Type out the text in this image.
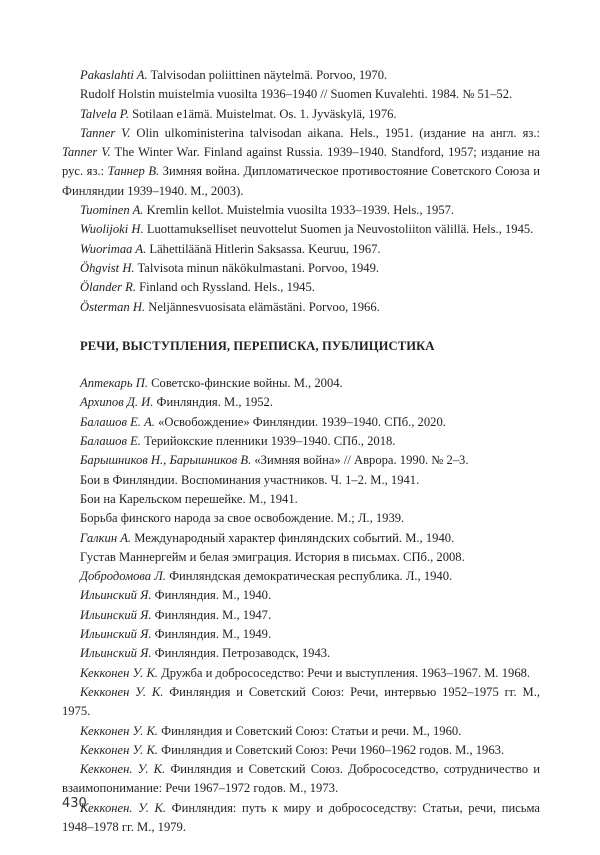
Pakaslahti A. Talvisodan poliittinen näytelmä. Porvoo, 1970.

Rudolf Holstin muistelmia vuosilta 1936–1940 // Suomen Kuvalehti. 1984. № 51–52.

Talvela P. Sotilaan e1ämä. Muistelmat. Os. 1. Jyväskylä, 1976.

Tanner V. Olin ulkoministerina talvisodan aikana. Hels., 1951. (издание на англ. яз.: Tanner V. The Winter War. Finland against Russia. 1939–1940. Standford, 1957; издание на рус. яз.: Таннер В. Зимняя война. Дипломатическое противостояние Советского Союза и Финляндии 1939–1940. М., 2003).

Tuominen A. Kremlin kellot. Muistelmia vuosilta 1933–1939. Hels., 1957.

Wuolijoki H. Luottamukselliset neuvottelut Suomen ja Neuvostoliiton välillä. Hels., 1945.

Wuorimaa A. Lähettiläänä Hitlerin Saksassa. Keuruu, 1967.

Öhgvist H. Talvisota minun näkökulmastani. Porvoo, 1949.

Ölander R. Finland och Ryssland. Hels., 1945.

Österman H. Neljännesvuosisata elämästäni. Porvoo, 1966.

РЕЧИ, ВЫСТУПЛЕНИЯ, ПЕРЕПИСКА, ПУБЛИЦИСТИКА

Аптекарь П. Советско-финские войны. М., 2004.

Архипов Д. И. Финляндия. М., 1952.

Балашов Е. А. «Освобождение» Финляндии. 1939–1940. СПб., 2020.

Балашов Е. Терийокские пленники 1939–1940. СПб., 2018.

Барышников Н., Барышников В. «Зимняя война» // Аврора. 1990. № 2–3.

Бои в Финляндии. Воспоминания участников. Ч. 1–2. М., 1941.

Бои на Карельском перешейке. М., 1941.

Борьба финского народа за свое освобождение. М.; Л., 1939.

Галкин А. Международный характер финляндских событий. М., 1940.

Густав Маннергейм и белая эмиграция. История в письмах. СПб., 2008.

Добродомова Л. Финляндская демократическая республика. Л., 1940.

Ильинский Я. Финляндия. М., 1940.

Ильинский Я. Финляндия. М., 1947.

Ильинский Я. Финляндия. М., 1949.

Ильинский Я. Финляндия. Петрозаводск, 1943.

Кекконен У. К. Дружба и добрососедство: Речи и выступления. 1963–1967. М. 1968.

Кекконен У. К. Финляндия и Советский Союз: Речи, интервью 1952–1975 гг. М., 1975.

Кекконен У. К. Финляндия и Советский Союз: Статьи и речи. М., 1960.

Кекконен У. К. Финляндия и Советский Союз: Речи 1960–1962 годов. М., 1963.

Кекконен. У. К. Финляндия и Советский Союз. Добрососедство, сотрудничество и взаимопонимание: Речи 1967–1972 годов. М., 1973.

Кекконен. У. К. Финляндия: путь к миру и добрососедству: Статьи, речи, письма 1948–1978 гг. М., 1979.

430
